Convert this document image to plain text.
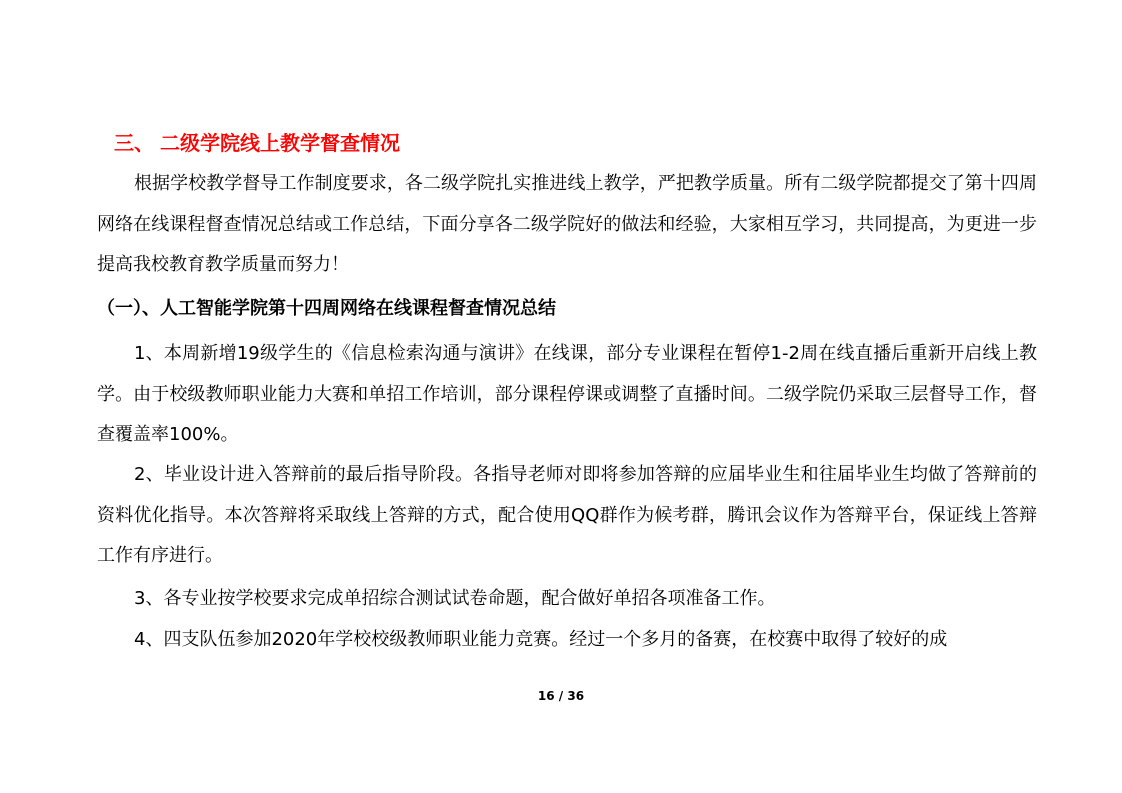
三、 二级学院线上教学督查情况

根据学校教学督导工作制度要求，各二级学院扎实推进线上教学，严把教学质量。所有二级学院都提交了第十四周网络在线课程督查情况总结或工作总结，下面分享各二级学院好的做法和经验，大家相互学习，共同提高，为更进一步提高我校教育教学质量而努力！

（一）、人工智能学院第十四周网络在线课程督查情况总结

1、本周新增19级学生的《信息检索沟通与演讲》在线课，部分专业课程在暂停1-2周在线直播后重新开启线上教学。由于校级教师职业能力大赛和单招工作培训，部分课程停课或调整了直播时间。二级学院仍采取三层督导工作，督查覆盖率100%。

2、毕业设计进入答辩前的最后指导阶段。各指导老师对即将参加答辩的应届毕业生和往届毕业生均做了答辩前的资料优化指导。本次答辩将采取线上答辩的方式，配合使用QQ群作为候考群，腾讯会议作为答辩平台，保证线上答辩工作有序进行。

3、各专业按学校要求完成单招综合测试试卷命题，配合做好单招各项准备工作。

4、四支队伍参加2020年学校校级教师职业能力竞赛。经过一个多月的备赛，在校赛中取得了较好的成

16 / 36
